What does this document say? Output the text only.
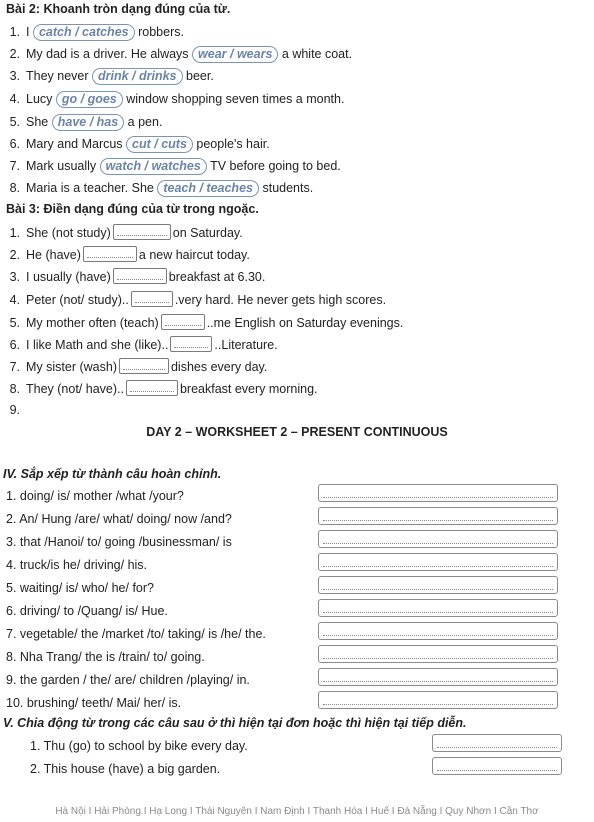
Bài 2: Khoanh tròn dạng đúng của từ.
1. I catch / catches robbers.
2. My dad is a driver. He always wear / wears a white coat.
3. They never drink / drinks beer.
4. Lucy go / goes window shopping seven times a month.
5. She have / has a pen.
6. Mary and Marcus cut / cuts people's hair.
7. Mark usually watch / watches TV before going to bed.
8. Maria is a teacher. She teach / teaches students.
Bài 3: Điền dạng đúng của từ trong ngoặc.
1. She (not study)	on Saturday.
2. He (have)	a new haircut today.
3. I usually (have)	breakfast at 6.30.
4. Peter (not/ study)..	.very hard. He never gets high scores.
5. My mother often (teach)	..me English on Saturday evenings.
6. I like Math and she (like)..	..Literature.
7. My sister (wash)	dishes every day.
8. They (not/ have)..	breakfast every morning.
9.
DAY 2 – WORKSHEET 2 – PRESENT CONTINUOUS
IV. Sắp xếp từ thành câu hoàn chỉnh.
1. doing/ is/ mother /what /your?
2. An/ Hung /are/ what/ doing/ now /and?
3. that /Hanoi/ to/ going /businessman/ is
4. truck/is he/ driving/ his.
5. waiting/ is/ who/ he/ for?
6. driving/ to /Quang/ is/ Hue.
7. vegetable/ the /market /to/ taking/ is /he/ the.
8. Nha Trang/ the is /train/ to/ going.
9. the garden / the/ are/ children /playing/ in.
10. brushing/ teeth/ Mai/ her/ is.
V. Chia động từ trong các câu sau ở thì hiện tại đơn hoặc thì hiện tại tiếp diễn.
1. Thu (go) to school by bike every day.
2. This house (have) a big garden.
Hà Nội I Hải Phòng I Hạ Long I Thái Nguyên I Nam Định I Thanh Hóa I Huế I Đà Nẵng I Quy Nhơn I Cần Thơ
